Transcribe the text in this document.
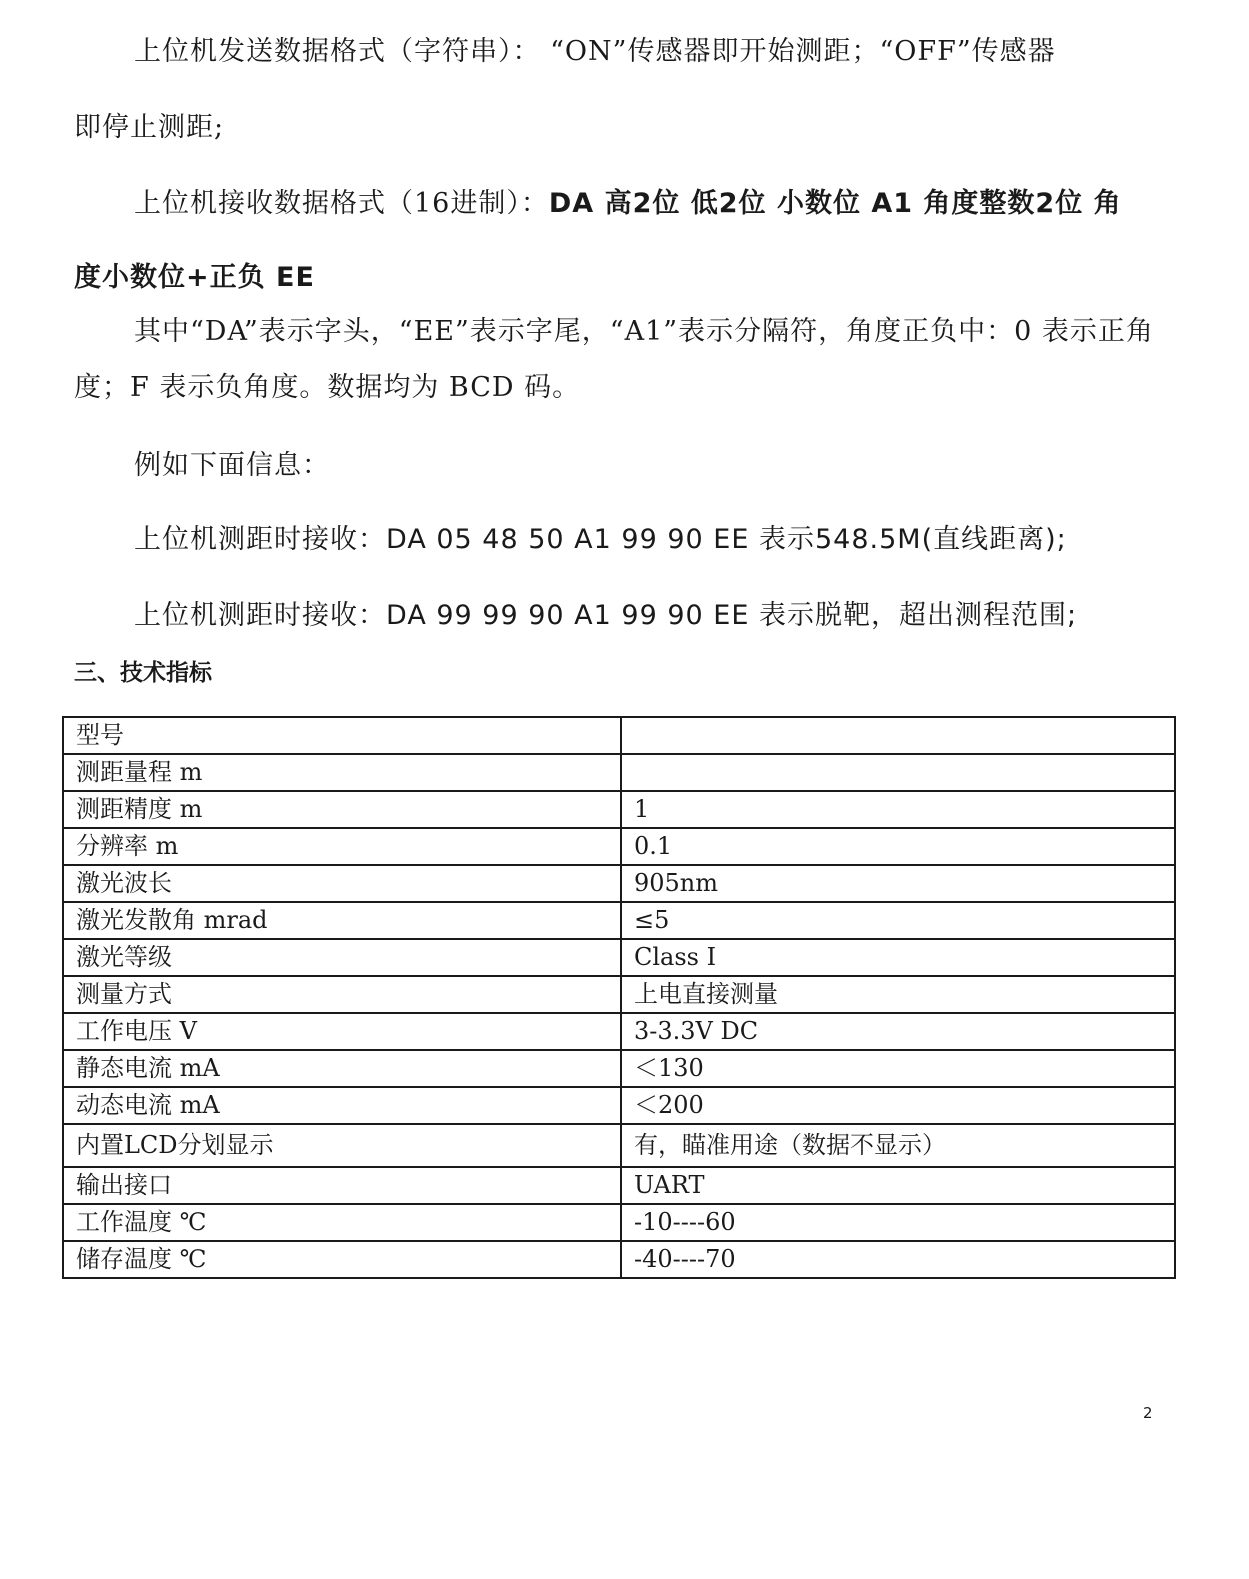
上位机发送数据格式（字符串）： “ON”传感器即开始测距；“OFF”传感器
即停止测距;
上位机接收数据格式（16进制）：DA 高2位 低2位 小数位 A1 角度整数2位 角
度小数位+正负 EE
其中“DA”表示字头，“EE”表示字尾，“A1”表示分隔符，角度正负中：0 表示正角
度；F 表示负角度。数据均为 BCD 码。
例如下面信息：
上位机测距时接收：DA 05 48 50 A1 99 90 EE 表示548.5M(直线距离);
上位机测距时接收：DA 99 99 90 A1 99 90 EE 表示脱靶，超出测程范围;
三、技术指标
型号	
测距量程 m	
测距精度 m	1
分辨率 m	0.1
激光波长	905nm
激光发散角 mrad	≤5
激光等级	Class I
测量方式	上电直接测量
工作电压 V	3-3.3V DC
静态电流 mA	＜130
动态电流 mA	＜200
内置LCD分划显示	有，瞄准用途（数据不显示）
输出接口	UART
工作温度 ℃	-10----60
储存温度 ℃	-40----70
2
